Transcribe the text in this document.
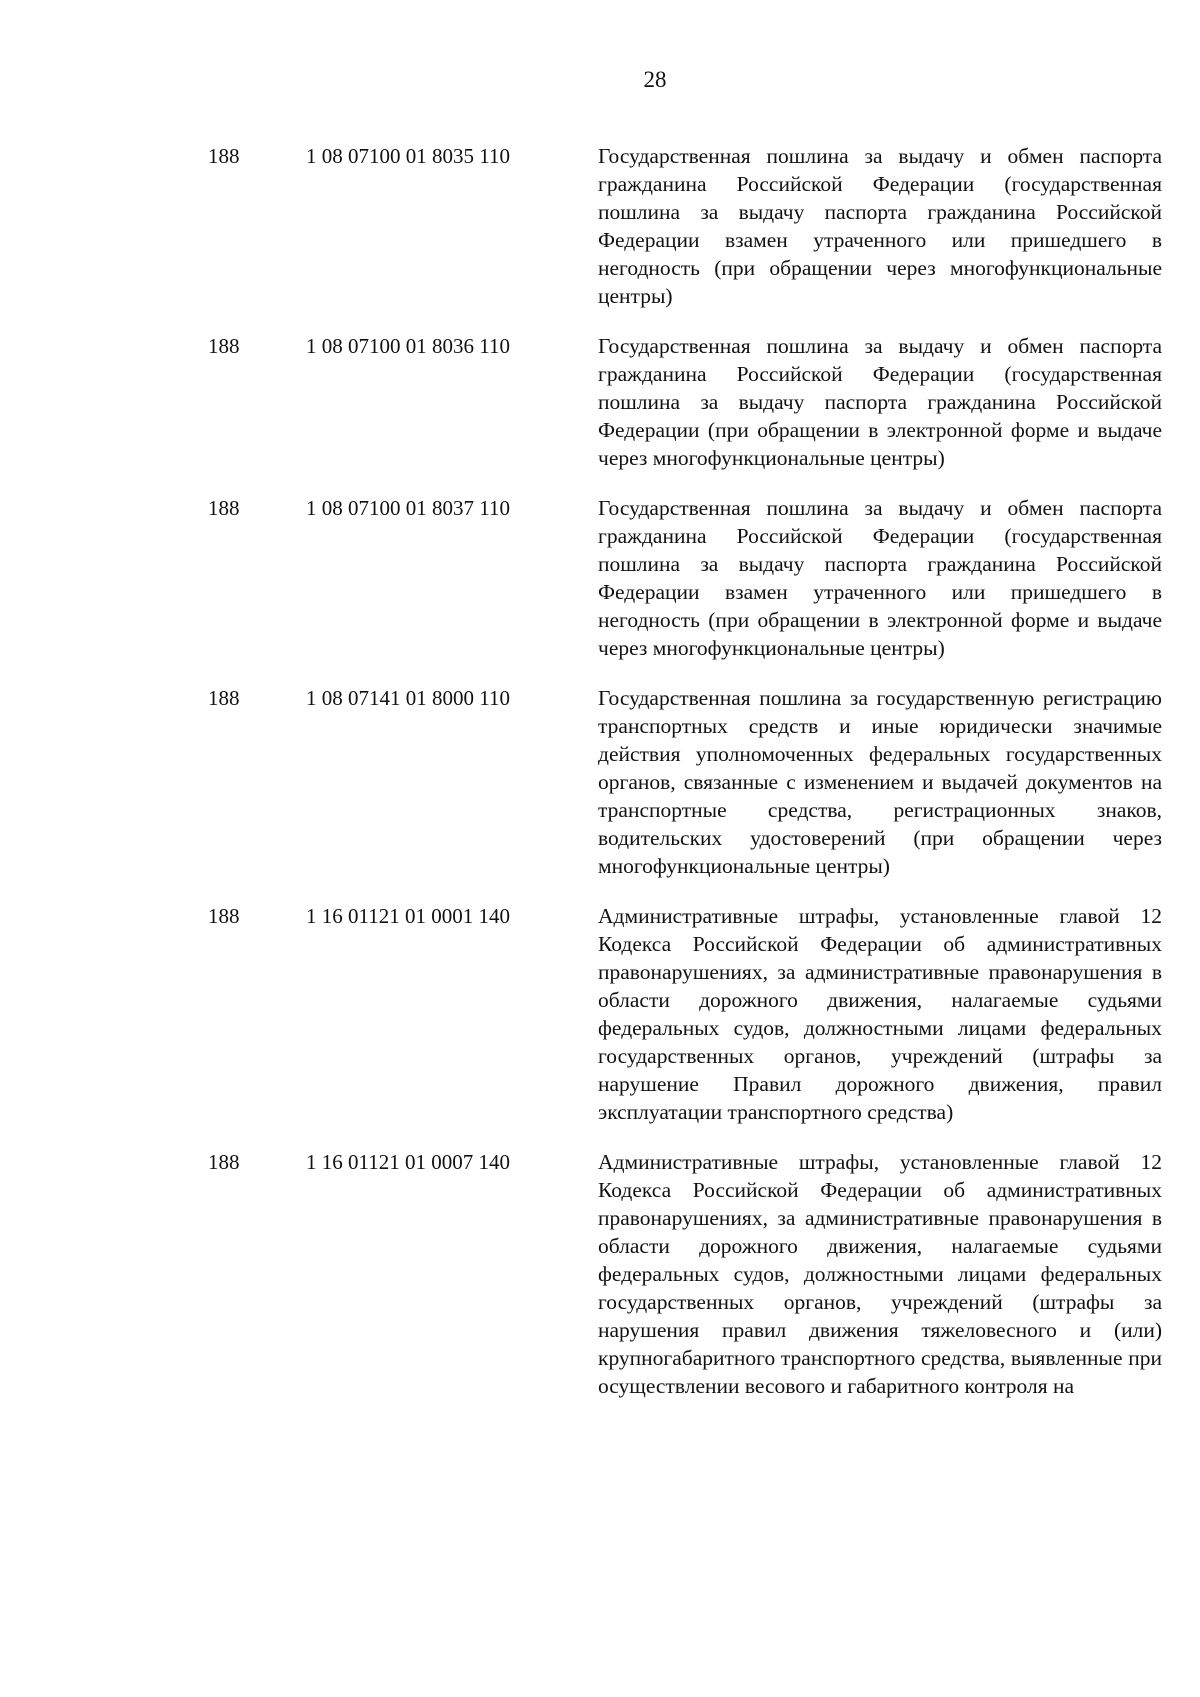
28
188	1 08 07100 01 8035 110	Государственная пошлина за выдачу и обмен паспорта гражданина Российской Федерации (государственная пошлина за выдачу паспорта гражданина Российской Федерации взамен утраченного или пришедшего в негодность (при обращении через многофункциональные центры)
188	1 08 07100 01 8036 110	Государственная пошлина за выдачу и обмен паспорта гражданина Российской Федерации (государственная пошлина за выдачу паспорта гражданина Российской Федерации (при обращении в электронной форме и выдаче через многофункциональные центры)
188	1 08 07100 01 8037 110	Государственная пошлина за выдачу и обмен паспорта гражданина Российской Федерации (государственная пошлина за выдачу паспорта гражданина Российской Федерации взамен утраченного или пришедшего в негодность (при обращении в электронной форме и выдаче через многофункциональные центры)
188	1 08 07141 01 8000 110	Государственная пошлина за государственную регистрацию транспортных средств и иные юридически значимые действия уполномоченных федеральных государственных органов, связанные с изменением и выдачей документов на транспортные средства, регистрационных знаков, водительских удостоверений (при обращении через многофункциональные центры)
188	1 16 01121 01 0001 140	Административные штрафы, установленные главой 12 Кодекса Российской Федерации об административных правонарушениях, за административные правонарушения в области дорожного движения, налагаемые судьями федеральных судов, должностными лицами федеральных государственных органов, учреждений (штрафы за нарушение Правил дорожного движения, правил эксплуатации транспортного средства)
188	1 16 01121 01 0007 140	Административные штрафы, установленные главой 12 Кодекса Российской Федерации об административных правонарушениях, за административные правонарушения в области дорожного движения, налагаемые судьями федеральных судов, должностными лицами федеральных государственных органов, учреждений (штрафы за нарушения правил движения тяжеловесного и (или) крупногабаритного транспортного средства, выявленные при осуществлении весового и габаритного контроля на
